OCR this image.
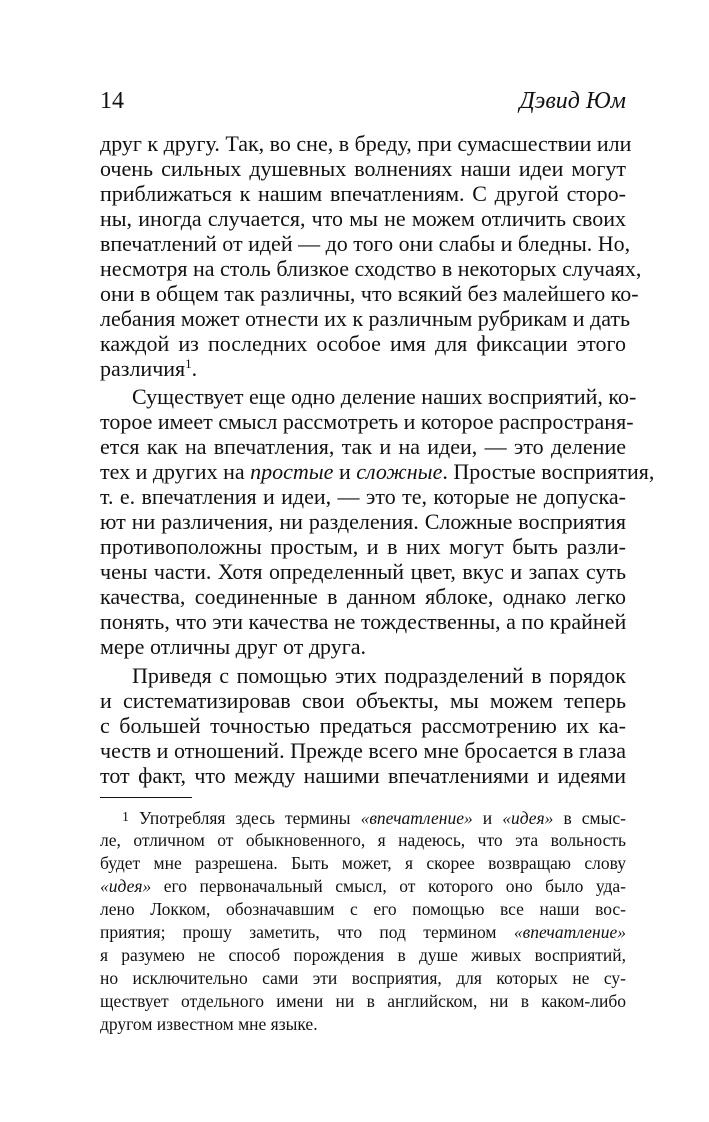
14	Дэвид Юм
друг к другу. Так, во сне, в бреду, при сумасшествии или
очень сильных душевных волнениях наши идеи могут
приближаться к нашим впечатлениям. С другой сторо-
ны, иногда случается, что мы не можем отличить своих
впечатлений от идей — до того они слабы и бледны. Но,
несмотря на столь близкое сходство в некоторых случаях,
они в общем так различны, что всякий без малейшего ко-
лебания может отнести их к различным рубрикам и дать
каждой из последних особое имя для фиксации этого
различия$^1$.
Существует еще одно деление наших восприятий, ко-
торое имеет смысл рассмотреть и которое распространя-
ется как на впечатления, так и на идеи, — это деление
тех и других на простые и сложные. Простые восприятия,
т. е. впечатления и идеи, — это те, которые не допуска-
ют ни различения, ни разделения. Сложные восприятия
противоположны простым, и в них могут быть разли-
чены части. Хотя определенный цвет, вкус и запах суть
качества, соединенные в данном яблоке, однако легко
понять, что эти качества не тождественны, а по крайней
мере отличны друг от друга.
Приведя с помощью этих подразделений в порядок
и систематизировав свои объекты, мы можем теперь
с большей точностью предаться рассмотрению их ка-
честв и отношений. Прежде всего мне бросается в глаза
тот факт, что между нашими впечатлениями и идеями
1 Употребляя здесь термины «впечатление» и «идея» в смыс-
ле, отличном от обыкновенного, я надеюсь, что эта вольность
будет мне разрешена. Быть может, я скорее возвращаю слову
«идея» его первоначальный смысл, от которого оно было уда-
лено Локком, обозначавшим с его помощью все наши вос-
приятия; прошу заметить, что под термином «впечатление»
я разумею не способ порождения в душе живых восприятий,
но исключительно сами эти восприятия, для которых не су-
ществует отдельного имени ни в английском, ни в каком-либо
другом известном мне языке.
